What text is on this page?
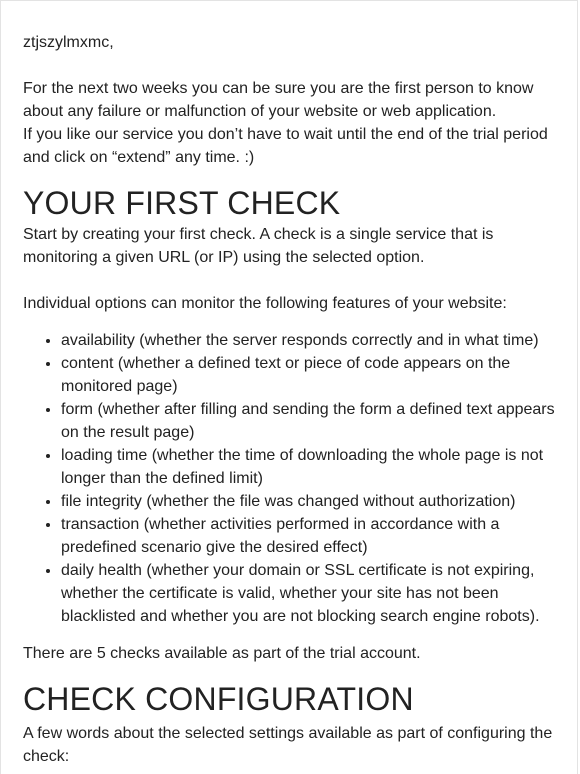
ztjszylmxmc,

For the next two weeks you can be sure you are the first person to know about any failure or malfunction of your website or web application.

If you like our service you don’t have to wait until the end of the trial period and click on “extend” any time. :)

YOUR FIRST CHECK

Start by creating your first check. A check is a single service that is monitoring a given URL (or IP) using the selected option.

Individual options can monitor the following features of your website:

• availability (whether the server responds correctly and in what time)
• content (whether a defined text or piece of code appears on the monitored page)
• form (whether after filling and sending the form a defined text appears on the result page)
• loading time (whether the time of downloading the whole page is not longer than the defined limit)
• file integrity (whether the file was changed without authorization)
• transaction (whether activities performed in accordance with a predefined scenario give the desired effect)
• daily health (whether your domain or SSL certificate is not expiring, whether the certificate is valid, whether your site has not been blacklisted and whether you are not blocking search engine robots).

There are 5 checks available as part of the trial account.

CHECK CONFIGURATION

A few words about the selected settings available as part of configuring the check:
